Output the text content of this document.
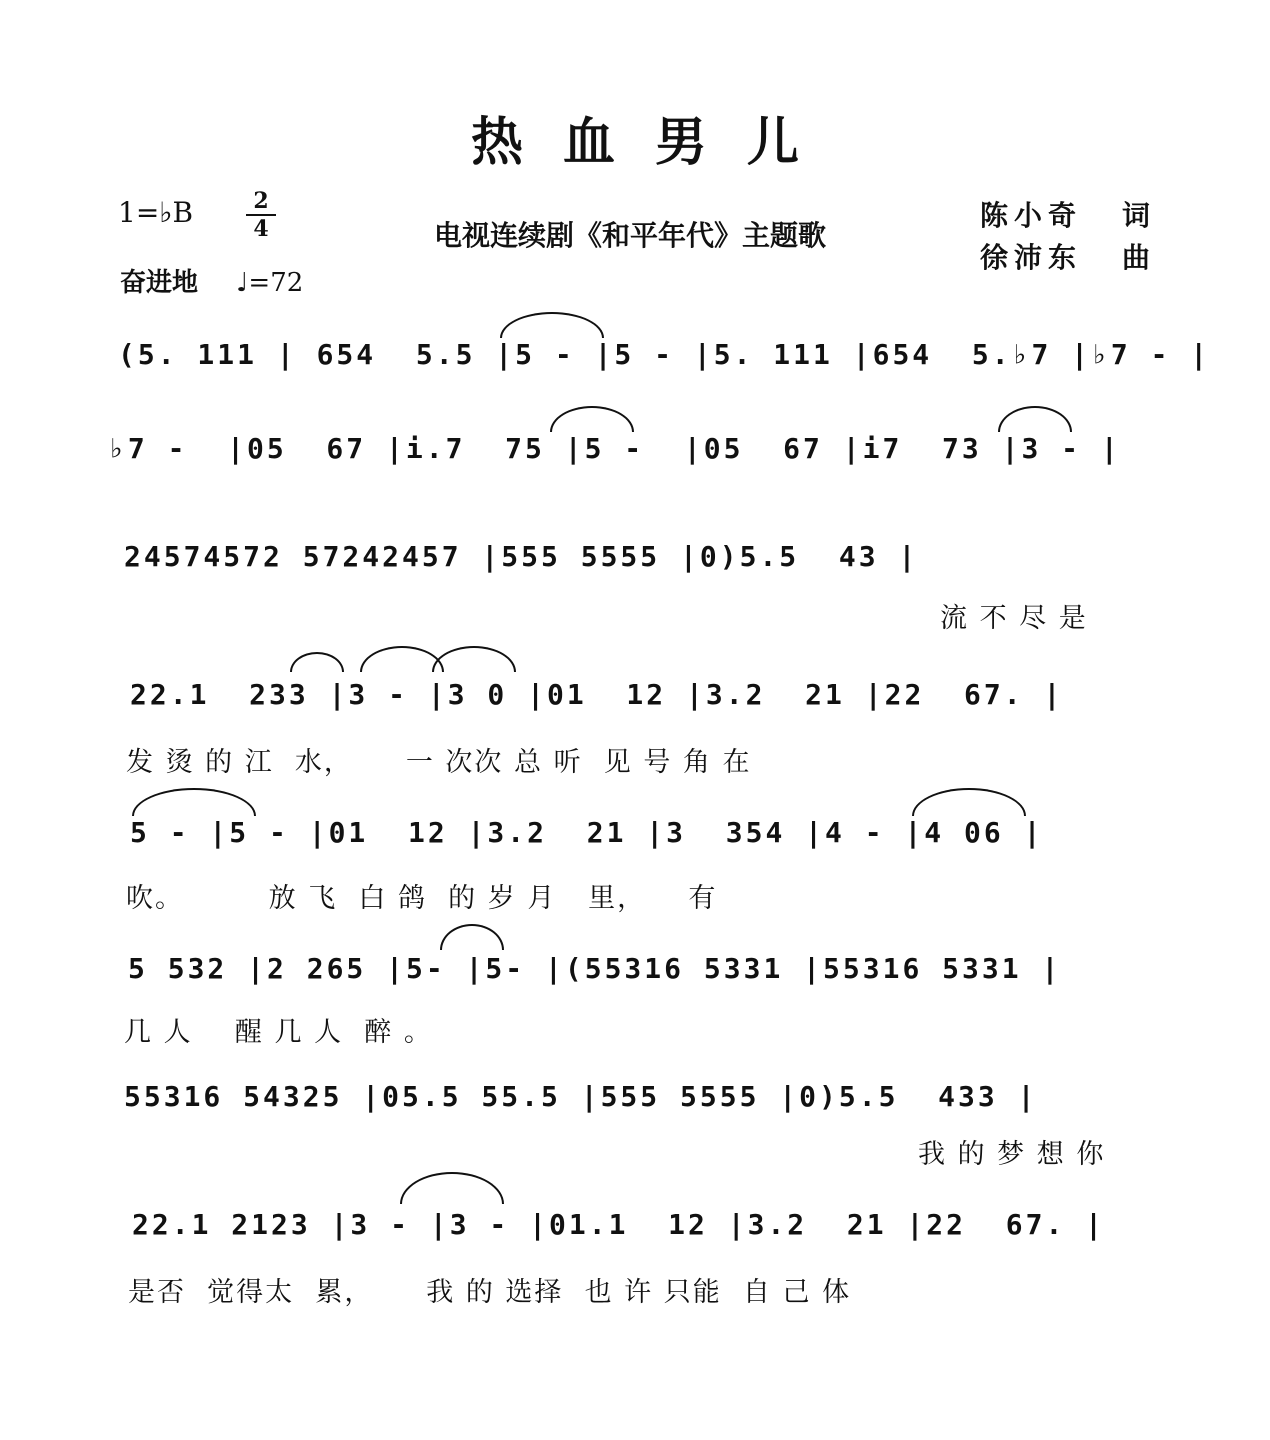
热血男儿
1=♭B	2
4	电视连续剧《和平年代》主题歌
陈小奇 词
徐沛东 曲
奋进地 ♩=72
(5. 111 | 654  5.5 |5 - |5 - |5. 111 |654  5.♭7 |♭7 - |
♭7 -  |05  67 |i.7  75 |5 -  |05  67 |i7  73 |3 - |
24574572 57242457 |555 5555 |0)5.5  43 |
流 不 尽 是
22.1  233 |3 - |3 0 |01  12 |3.2  21 |22  67. |
发 烫 的 江  水，     一 次次 总 听  见 号 角 在
5 - |5 - |01  12 |3.2  21 |3  354 |4 - |4 06 |
吹。        放 飞  白 鸽  的 岁 月   里，    有
5 532 |2 265 |5- |5- |(55316 5331 |55316 5331 |
几 人    醒 几 人  醉 。
55316 54325 |05.5 55.5 |555 5555 |0)5.5  433 |
我 的 梦 想 你
22.1 2123 |3 - |3 - |01.1  12 |3.2  21 |22  67. |
是否  觉得太  累，     我 的 选择  也 许 只能  自 己 体
